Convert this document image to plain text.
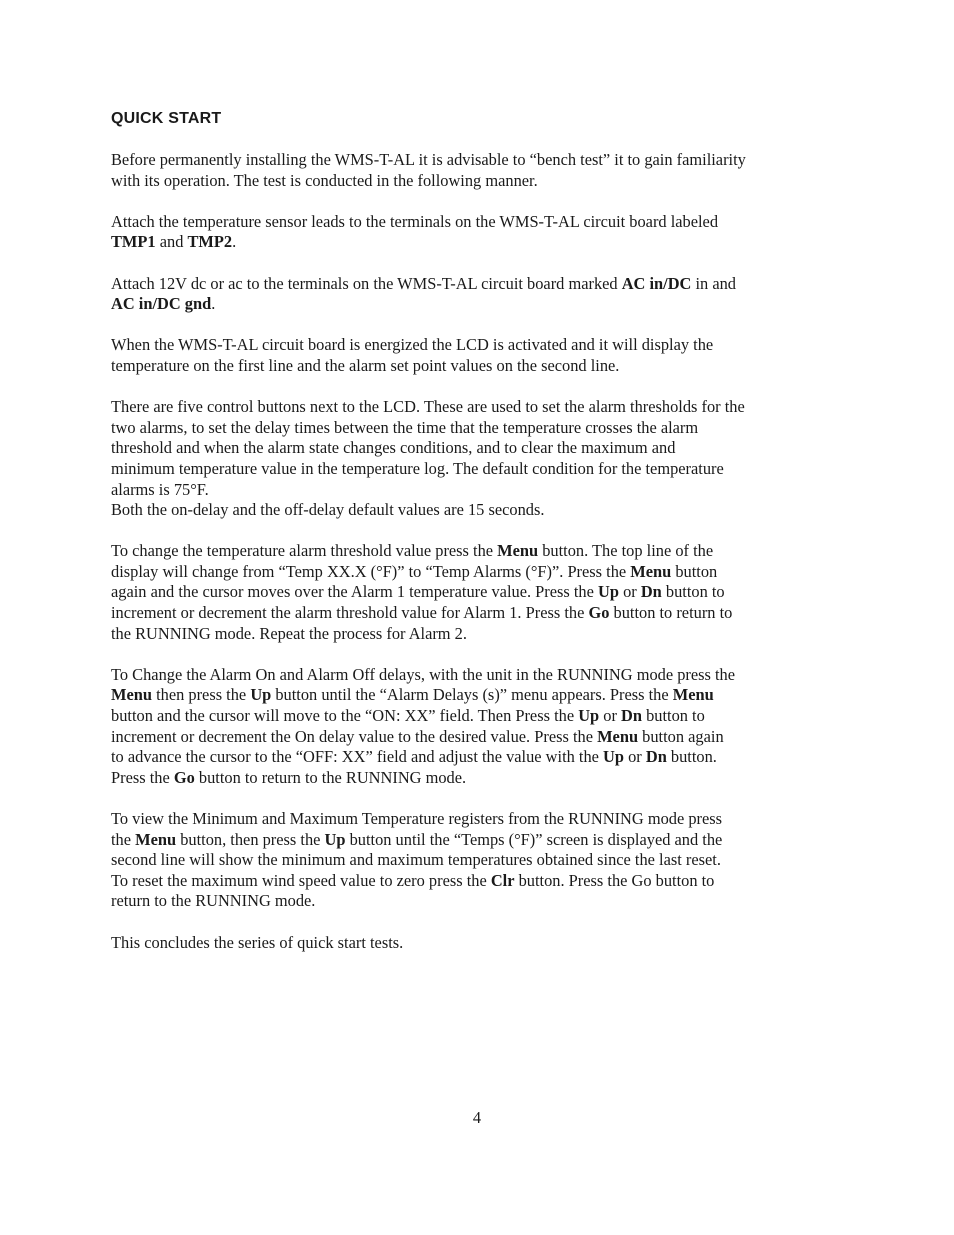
QUICK START

Before permanently installing the WMS-T-AL it is advisable to “bench test” it to gain familiarity
with its operation. The test is conducted in the following manner.

Attach the temperature sensor leads to the terminals on the WMS-T-AL circuit board labeled
TMP1 and TMP2.

Attach 12V dc or ac to the terminals on the WMS-T-AL circuit board marked AC in/DC in and
AC in/DC gnd.

When the WMS-T-AL circuit board is energized the LCD is activated and it will display the
temperature on the first line and the alarm set point values on the second line.

There are five control buttons next to the LCD. These are used to set the alarm thresholds for the
two alarms, to set the delay times between the time that the temperature crosses the alarm
threshold and when the alarm state changes conditions, and to clear the maximum and
minimum temperature value in the temperature log. The default condition for the temperature
alarms is 75°F.
Both the on-delay and the off-delay default values are 15 seconds.

To change the temperature alarm threshold value press the Menu button. The top line of the
display will change from “Temp XX.X (°F)” to “Temp Alarms (°F)”. Press the Menu button
again and the cursor moves over the Alarm 1 temperature value. Press the Up or Dn button to
increment or decrement the alarm threshold value for Alarm 1. Press the Go button to return to
the RUNNING mode. Repeat the process for Alarm 2.

To Change the Alarm On and Alarm Off delays, with the unit in the RUNNING mode press the
Menu then press the Up button until the “Alarm Delays (s)” menu appears. Press the Menu
button and the cursor will move to the “ON: XX” field. Then Press the Up or Dn button to
increment or decrement the On delay value to the desired value. Press the Menu button again
to advance the cursor to the “OFF: XX” field and adjust the value with the Up or Dn button.
Press the Go button to return to the RUNNING mode.

To view the Minimum and Maximum Temperature registers from the RUNNING mode press
the Menu button, then press the Up button until the “Temps (°F)” screen is displayed and the
second line will show the minimum and maximum temperatures obtained since the last reset.
To reset the maximum wind speed value to zero press the Clr button. Press the Go button to
return to the RUNNING mode.

This concludes the series of quick start tests.

4
